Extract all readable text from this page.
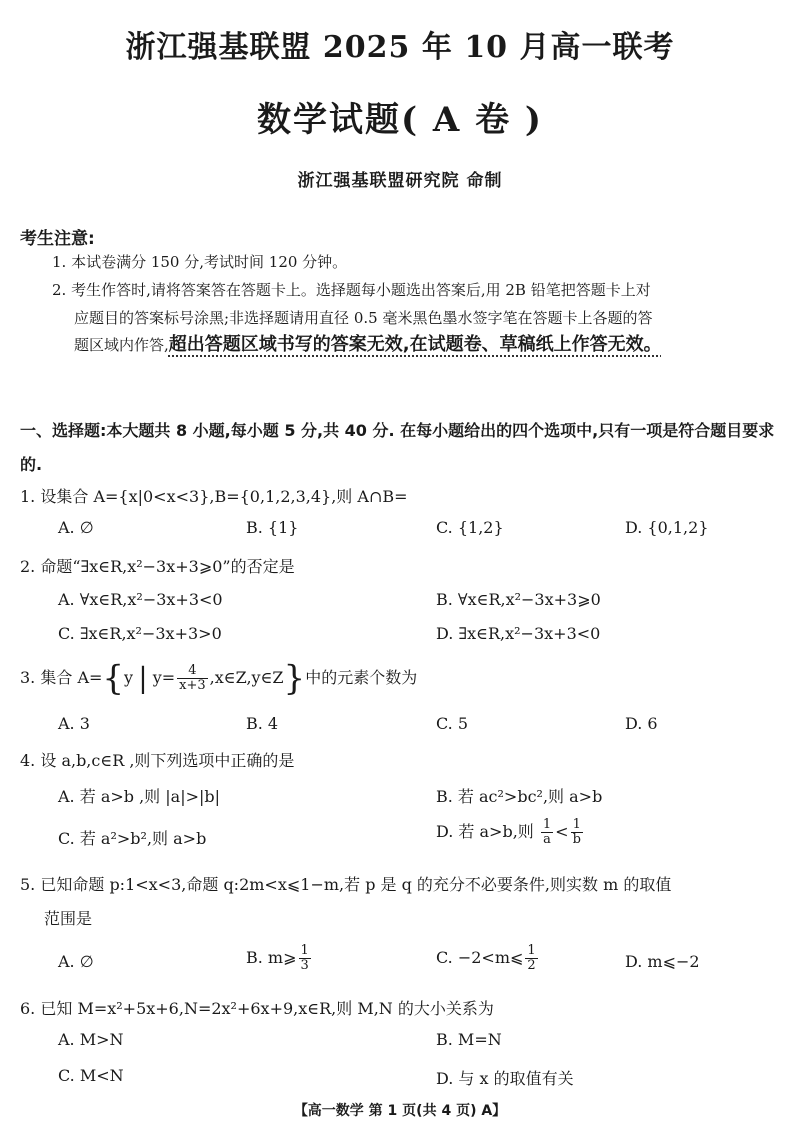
浙江强基联盟 2025 年 10 月高一联考
数学试题( A 卷 )
浙江强基联盟研究院 命制
考生注意:
1. 本试卷满分 150 分,考试时间 120 分钟。
2. 考生作答时,请将答案答在答题卡上。选择题每小题选出答案后,用 2B 铅笔把答题卡上对
应题目的答案标号涂黑;非选择题请用直径 0.5 毫米黑色墨水签字笔在答题卡上各题的答
题区域内作答,超出答题区域书写的答案无效,在试题卷、草稿纸上作答无效。
一、选择题:本大题共 8 小题,每小题 5 分,共 40 分. 在每小题给出的四个选项中,只有一项是符合题目要求的.
1. 设集合 A={x|0<x<3},B={0,1,2,3,4},则 A∩B=
A. ∅	B. {1}	C. {1,2}	D. {0,1,2}
2. 命题“∃x∈R,x²−3x+3⩾0”的否定是
A. ∀x∈R,x²−3x+3<0	B. ∀x∈R,x²−3x+3⩾0
C. ∃x∈R,x²−3x+3>0	D. ∃x∈R,x²−3x+3<0
3. 集合 A={y | $y= \frac{4}{x+3}$ ,x∈Z,y∈Z}中的元素个数为
A. 3	B. 4	C. 5	D. 6
4. 设 a,b,c∈R ,则下列选项中正确的是
A. 若 a>b ,则 |a|>|b|	B. 若 ac²>bc²,则 a>b
C. 若 a²>b²,则 a>b	D. 若 a>b,则 $\frac{1}{a} < \frac{1}{b}$
5. 已知命题 p:1<x<3,命题 q:2m<x⩽1−m,若 p 是 q 的充分不必要条件,则实数 m 的取值
范围是
A. ∅	B. m⩾ $\frac{1}{3}$	C. −2<m⩽ $\frac{1}{2}$	D. m⩽−2
6. 已知 M=x²+5x+6,N=2x²+6x+9,x∈R,则 M,N 的大小关系为
A. M>N	B. M=N
C. M<N	D. 与 x 的取值有关
【高一数学 第 1 页(共 4 页) A】
